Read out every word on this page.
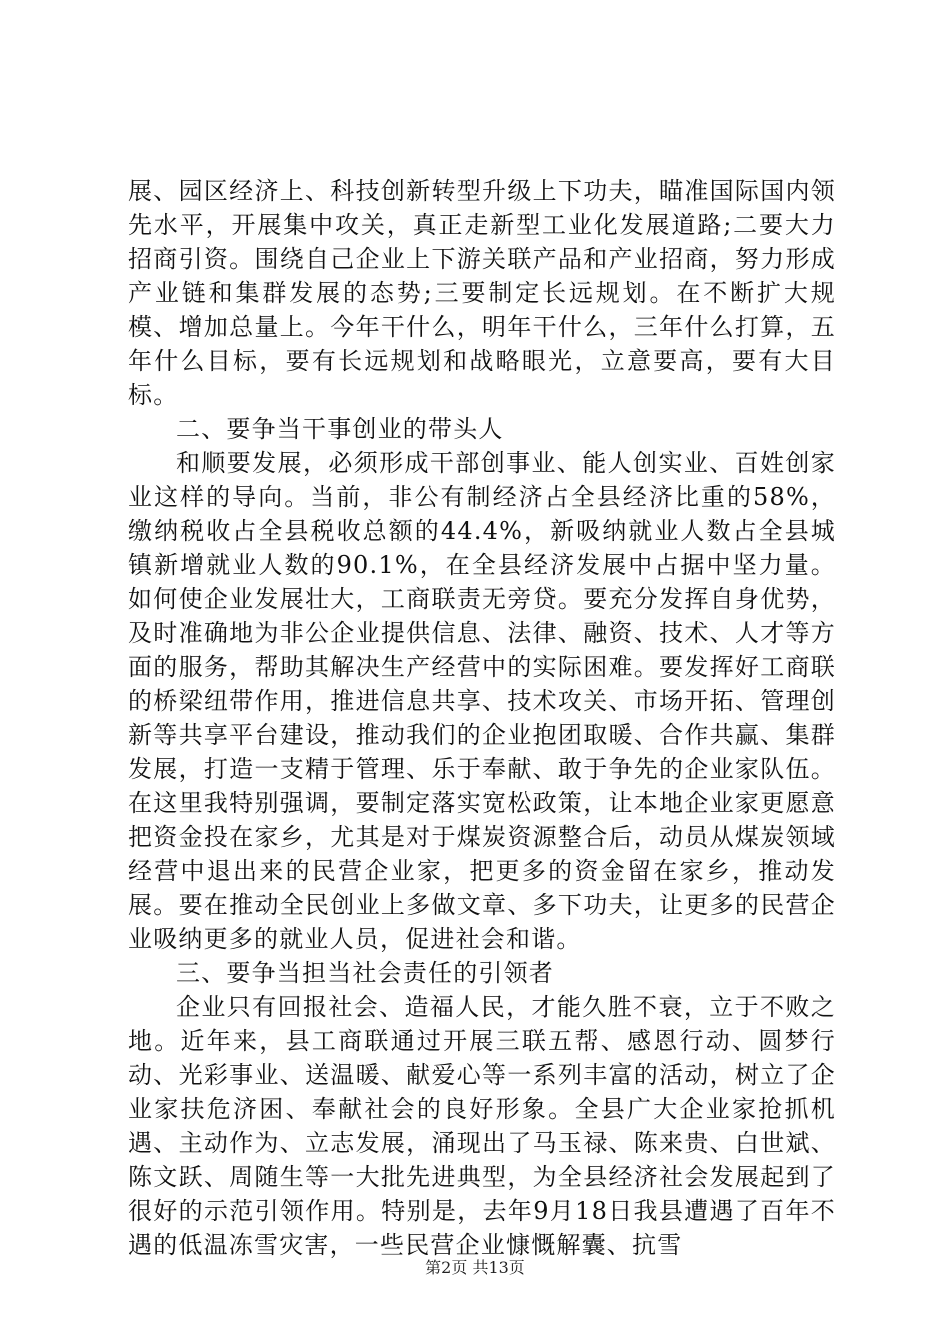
展、园区经济上、科技创新转型升级上下功夫，瞄准国际国内领先水平，开展集中攻关，真正走新型工业化发展道路;二要大力招商引资。围绕自己企业上下游关联产品和产业招商，努力形成产业链和集群发展的态势;三要制定长远规划。在不断扩大规模、增加总量上。今年干什么，明年干什么，三年什么打算，五年什么目标，要有长远规划和战略眼光，立意要高，要有大目标。

二、要争当干事创业的带头人

和顺要发展，必须形成干部创事业、能人创实业、百姓创家业这样的导向。当前，非公有制经济占全县经济比重的58%，缴纳税收占全县税收总额的44.4%，新吸纳就业人数占全县城镇新增就业人数的90.1%，在全县经济发展中占据中坚力量。如何使企业发展壮大，工商联责无旁贷。要充分发挥自身优势，及时准确地为非公企业提供信息、法律、融资、技术、人才等方面的服务，帮助其解决生产经营中的实际困难。要发挥好工商联的桥梁纽带作用，推进信息共享、技术攻关、市场开拓、管理创新等共享平台建设，推动我们的企业抱团取暖、合作共赢、集群发展，打造一支精于管理、乐于奉献、敢于争先的企业家队伍。在这里我特别强调，要制定落实宽松政策，让本地企业家更愿意把资金投在家乡，尤其是对于煤炭资源整合后，动员从煤炭领域经营中退出来的民营企业家，把更多的资金留在家乡，推动发展。要在推动全民创业上多做文章、多下功夫，让更多的民营企业吸纳更多的就业人员，促进社会和谐。

三、要争当担当社会责任的引领者

企业只有回报社会、造福人民，才能久胜不衰，立于不败之地。近年来，县工商联通过开展三联五帮、感恩行动、圆梦行动、光彩事业、送温暖、献爱心等一系列丰富的活动，树立了企业家扶危济困、奉献社会的良好形象。全县广大企业家抢抓机遇、主动作为、立志发展，涌现出了马玉禄、陈来贵、白世斌、陈文跃、周随生等一大批先进典型，为全县经济社会发展起到了很好的示范引领作用。特别是，去年9月18日我县遭遇了百年不遇的低温冻雪灾害，一些民营企业慷慨解囊、抗雪

第2页 共13页
